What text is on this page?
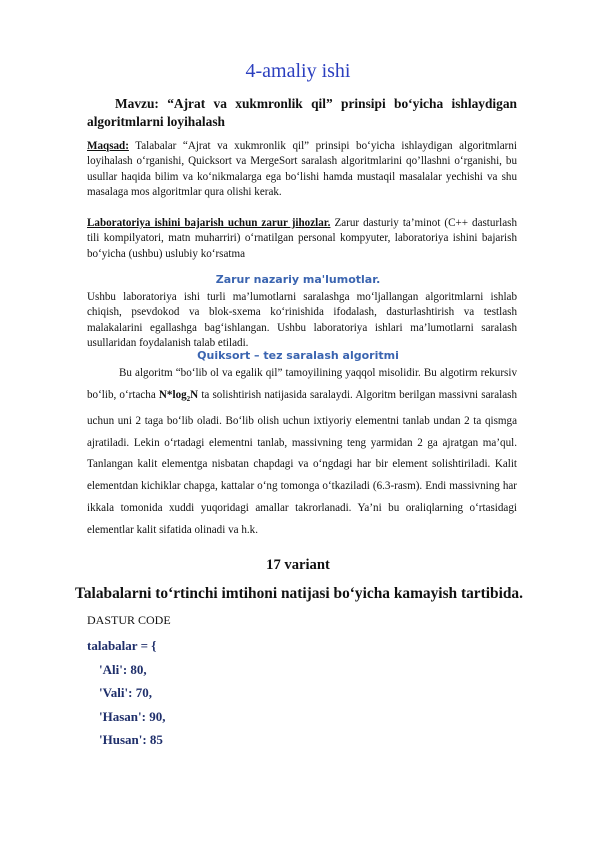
4-amaliy ishi
Mavzu: “Ajrat va xukmronlik qil” prinsipi bo‘yicha ishlaydigan algoritmlarni loyihalash
Maqsad: Talabalar “Ajrat va xukmronlik qil” prinsipi bo‘yicha ishlaydigan algoritmlarni loyihalash o‘rganishi, Quicksort va MergeSort saralash algoritmlarini qo’llashni o‘rganishi, bu usullar haqida bilim va ko‘nikmalarga ega bo‘lishi hamda mustaqil masalalar yechishi va shu masalaga mos algoritmlar qura olishi kerak.
Laboratoriya ishini bajarish uchun zarur jihozlar. Zarur dasturiy ta’minot (C++ dasturlash tili kompilyatori, matn muharriri) o‘rnatilgan personal kompyuter, laboratoriya ishini bajarish bo‘yicha (ushbu) uslubiy ko‘rsatma
Zarur nazariy ma'lumotlar.
Ushbu laboratoriya ishi turli ma’lumotlarni saralashga mo‘ljallangan algoritmlarni ishlab chiqish, psevdokod va blok-sxema ko‘rinishida ifodalash, dasturlashtirish va testlash malakalarini egallashga bag‘ishlangan. Ushbu laboratoriya ishlari ma’lumotlarni saralash usullaridan foydalanish talab etiladi.
Quiksort – tez saralash algoritmi
Bu algoritm “bo‘lib ol va egalik qil” tamoyilining yaqqol misolidir. Bu algotirm rekursiv bo‘lib, o‘rtacha $N*\log_2N$ ta solishtirish natijasida saralaydi. Algoritm berilgan massivni saralash uchun uni 2 taga bo‘lib oladi. Bo‘lib olish uchun ixtiyoriy elementni tanlab undan 2 ta qismga ajratiladi. Lekin o‘rtadagi elementni tanlab, massivning teng yarmidan 2 ga ajratgan ma’qul. Tanlangan kalit elementga nisbatan chapdagi va o‘ngdagi har bir element solishtiriladi. Kalit elementdan kichiklar chapga, kattalar o‘ng tomonga o‘tkaziladi (6.3-rasm). Endi massivning har ikkala tomonida xuddi yuqoridagi amallar takrorlanadi. Ya’ni bu oraliqlarning o‘rtasidagi elementlar kalit sifatida olinadi va h.k.
17 variant
Talabalarni to‘rtinchi imtihoni natijasi bo‘yicha kamayish tartibida.
DASTUR CODE
talabalar = {
'Ali': 80,
'Vali': 70,
'Hasan': 90,
'Husan': 85
